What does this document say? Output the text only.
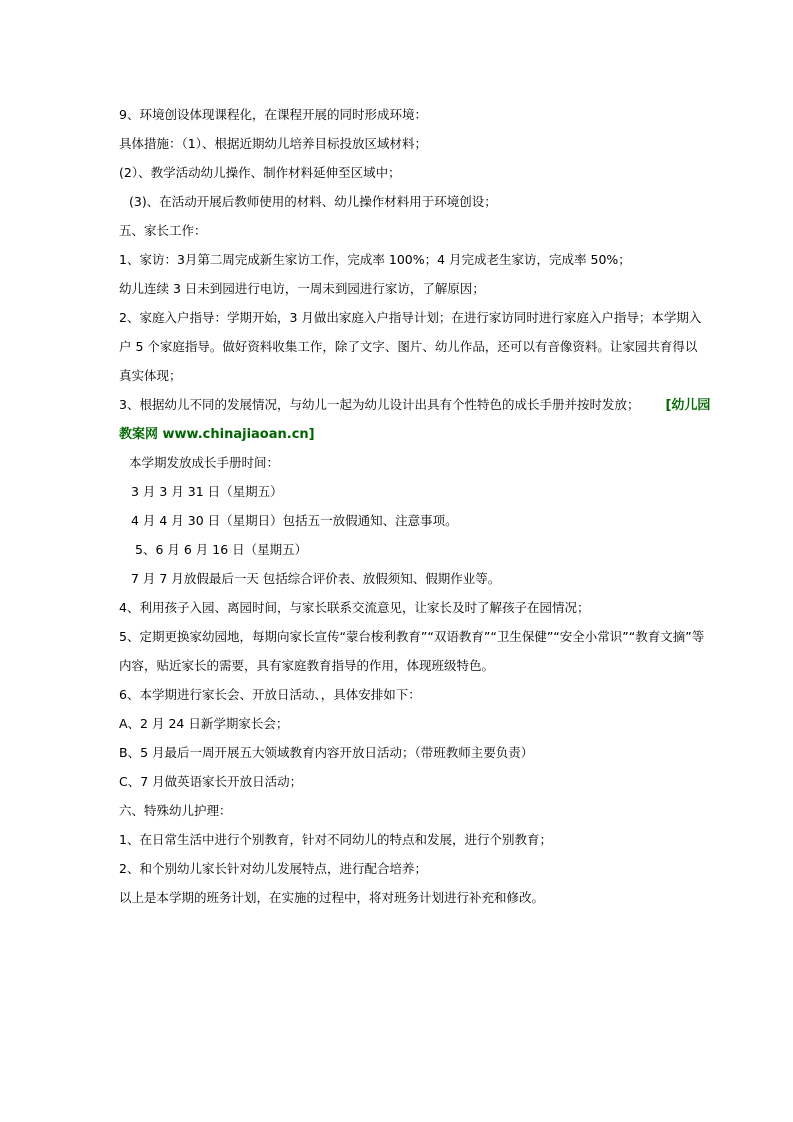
9、环境创设体现课程化，在课程开展的同时形成环境：
具体措施：（1）、根据近期幼儿培养目标投放区域材料；
(2）、教学活动幼儿操作、制作材料延伸至区域中；
(3)、在活动开展后教师使用的材料、幼儿操作材料用于环境创设；
五、家长工作：
1、家访：3月第二周完成新生家访工作，完成率 100%；4 月完成老生家访，完成率 50%；
幼儿连续 3 日未到园进行电访，一周未到园进行家访，了解原因；
2、家庭入户指导：学期开始，3 月做出家庭入户指导计划；在进行家访同时进行家庭入户指导；本学期入
户 5 个家庭指导。做好资料收集工作，除了文字、图片、幼儿作品，还可以有音像资料。让家园共育得以
真实体现；
3、根据幼儿不同的发展情况，与幼儿一起为幼儿设计出具有个性特色的成长手册并按时发放； [幼儿园
教案网 www.chinajiaoan.cn]
本学期发放成长手册时间：
3 月 3 月 31 日（星期五）
4 月 4 月 30 日（星期日）包括五一放假通知、注意事项。
5、6 月 6 月 16 日（星期五）
7 月 7 月放假最后一天 包括综合评价表、放假须知、假期作业等。
4、利用孩子入园、离园时间，与家长联系交流意见，让家长及时了解孩子在园情况；
5、定期更换家幼园地，每期向家长宣传“蒙台梭利教育”“双语教育”“卫生保健”“安全小常识”“教育文摘”等
内容，贴近家长的需要，具有家庭教育指导的作用，体现班级特色。
6、本学期进行家长会、开放日活动、，具体安排如下：
A、2 月 24 日新学期家长会；
B、5 月最后一周开展五大领域教育内容开放日活动；（带班教师主要负责）
C、7 月做英语家长开放日活动；
六、特殊幼儿护理：
1、在日常生活中进行个别教育，针对不同幼儿的特点和发展，进行个别教育；
2、和个别幼儿家长针对幼儿发展特点，进行配合培养；
以上是本学期的班务计划，在实施的过程中，将对班务计划进行补充和修改。
